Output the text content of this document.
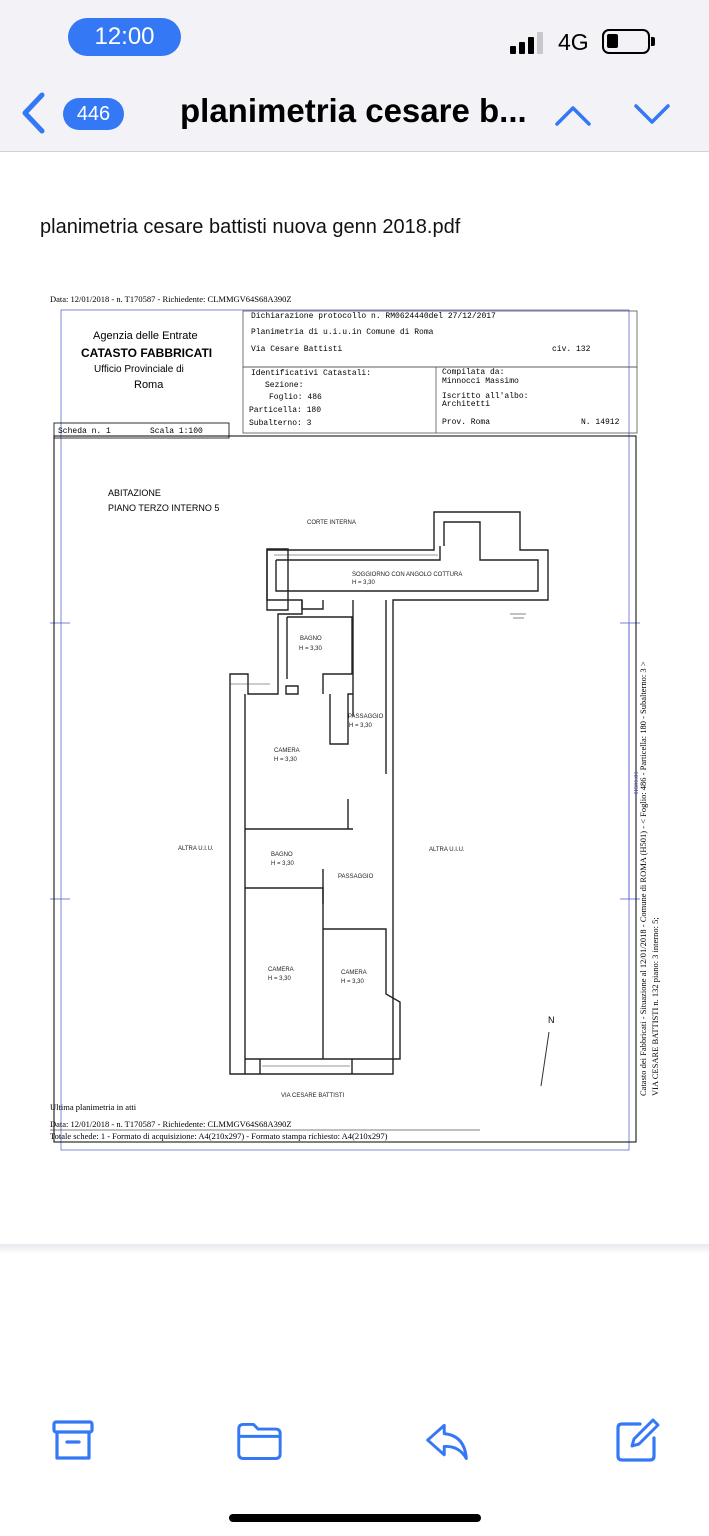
12:00	4G
446	planimetria cesare b...
planimetria cesare battisti nuova genn 2018.pdf
Data: 12/01/2018 - n. T170587 - Richiedente: CLMMGV64S68A390Z
Agenzia delle Entrate
CATASTO FABBRICATI
Ufficio Provinciale di
Roma
Dichiarazione protocollo n. RM0624440del 27/12/2017
Planimetria di u.i.u.in Comune di Roma
Via Cesare Battisti	civ. 132
Identificativi Catastali:
Sezione:
Foglio: 486
Particella: 180
Subalterno: 3
Compilata da:
Minnocci Massimo
Iscritto all'albo:
Architetti
Prov. Roma	N. 14912
Scheda n. 1	Scala 1:100
ABITAZIONE
PIANO TERZO INTERNO 5
CORTE INTERNA
SOGGIORNO CON ANGOLO COTTURA
H = 3,30
BAGNO
H = 3,30
PASSAGGIO
H = 3,30
CAMERA
H = 3,30
ALTRA U.I.U.	ALTRA U.I.U.
BAGNO
H = 3,30
PASSAGGIO
CAMERA
H = 3,30
CAMERA
H = 3,30
VIA CESARE BATTISTI
N	Catasto dei Fabbricati - Situazione al 12/01/2018 - Comune di ROMA (H501) - < Foglio: 486 - Particella: 180 - Subalterno: 3 > VIA CESARE BATTISTI n. 132 piano: 3 interno: 5;
H501.01
Ultima planimetria in atti
Data: 12/01/2018 - n. T170587 - Richiedente: CLMMGV64S68A390Z
Totale schede: 1 - Formato di acquisizione: A4(210x297) - Formato stampa richiesto: A4(210x297)
